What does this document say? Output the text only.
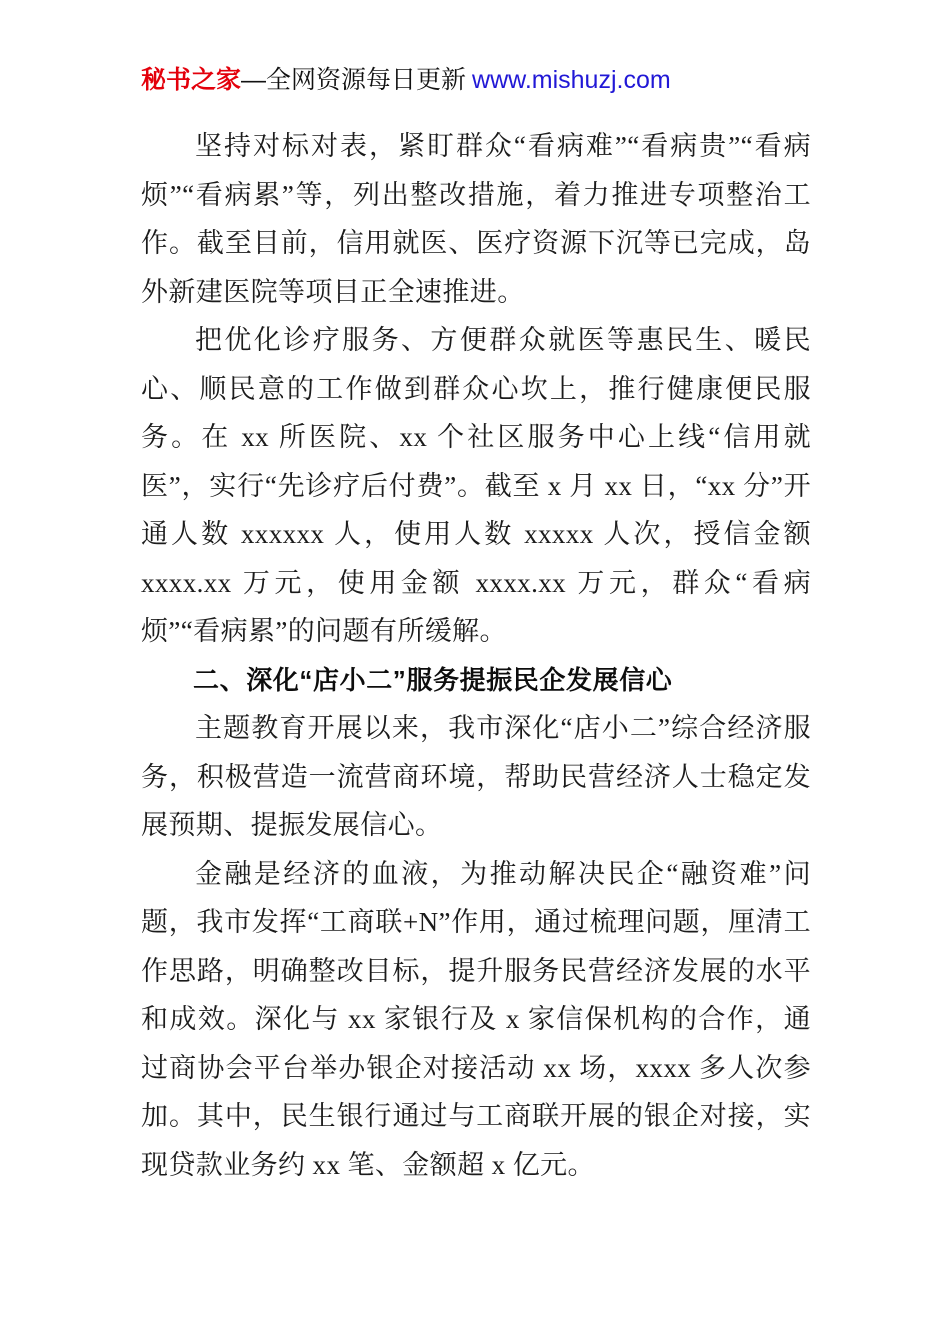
秘书之家—全网资源每日更新 www.mishuzj.com

坚持对标对表，紧盯群众“看病难”“看病贵”“看病烦”“看病累”等，列出整改措施，着力推进专项整治工作。截至目前，信用就医、医疗资源下沉等已完成，岛外新建医院等项目正全速推进。

把优化诊疗服务、方便群众就医等惠民生、暖民心、顺民意的工作做到群众心坎上，推行健康便民服务。在 xx 所医院、xx 个社区服务中心上线“信用就医”，实行“先诊疗后付费”。截至 x 月 xx 日，“xx 分”开通人数 xxxxxx 人，使用人数 xxxxx 人次，授信金额 xxxx.xx 万元，使用金额 xxxx.xx 万元，群众“看病烦”“看病累”的问题有所缓解。

二、深化“店小二”服务提振民企发展信心

主题教育开展以来，我市深化“店小二”综合经济服务，积极营造一流营商环境，帮助民营经济人士稳定发展预期、提振发展信心。

金融是经济的血液，为推动解决民企“融资难”问题，我市发挥“工商联+N”作用，通过梳理问题，厘清工作思路，明确整改目标，提升服务民营经济发展的水平和成效。深化与 xx 家银行及 x 家信保机构的合作，通过商协会平台举办银企对接活动 xx 场，xxxx 多人次参加。其中，民生银行通过与工商联开展的银企对接，实现贷款业务约 xx 笔、金额超 x 亿元。
